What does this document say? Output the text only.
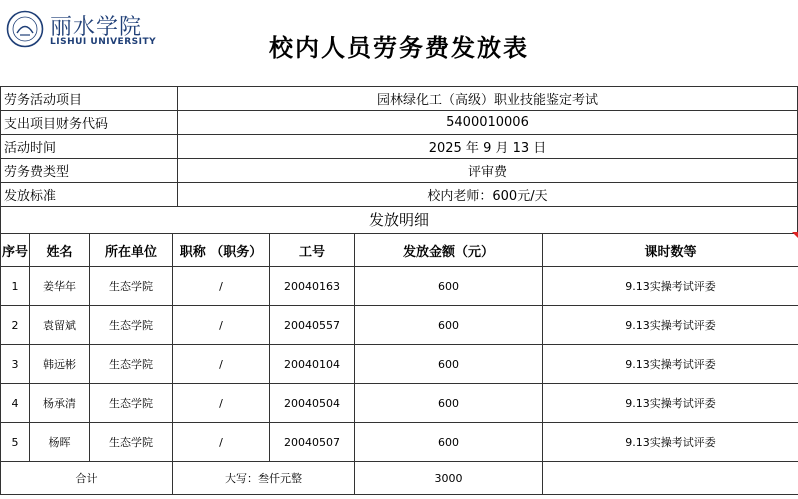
丽水学院
LISHUI UNIVERSITY	校内人员劳务费发放表
劳务活动项目	园林绿化工（高级）职业技能鉴定考试
支出项目财务代码	5400010006
活动时间	2025 年 9 月 13 日
劳务费类型	评审费
发放标准	校内老师：600元/天
发放明细
序号	姓名	所在单位	职称 （职务）	工号	发放金额（元）	课时数等
1	姜华年	生态学院	/	20040163	600	9.13实操考试评委
2	袁留斌	生态学院	/	20040557	600	9.13实操考试评委
3	韩远彬	生态学院	/	20040104	600	9.13实操考试评委
4	杨承清	生态学院	/	20040504	600	9.13实操考试评委
5	杨晖	生态学院	/	20040507	600	9.13实操考试评委
合计			大写：叁仟元整		3000	
